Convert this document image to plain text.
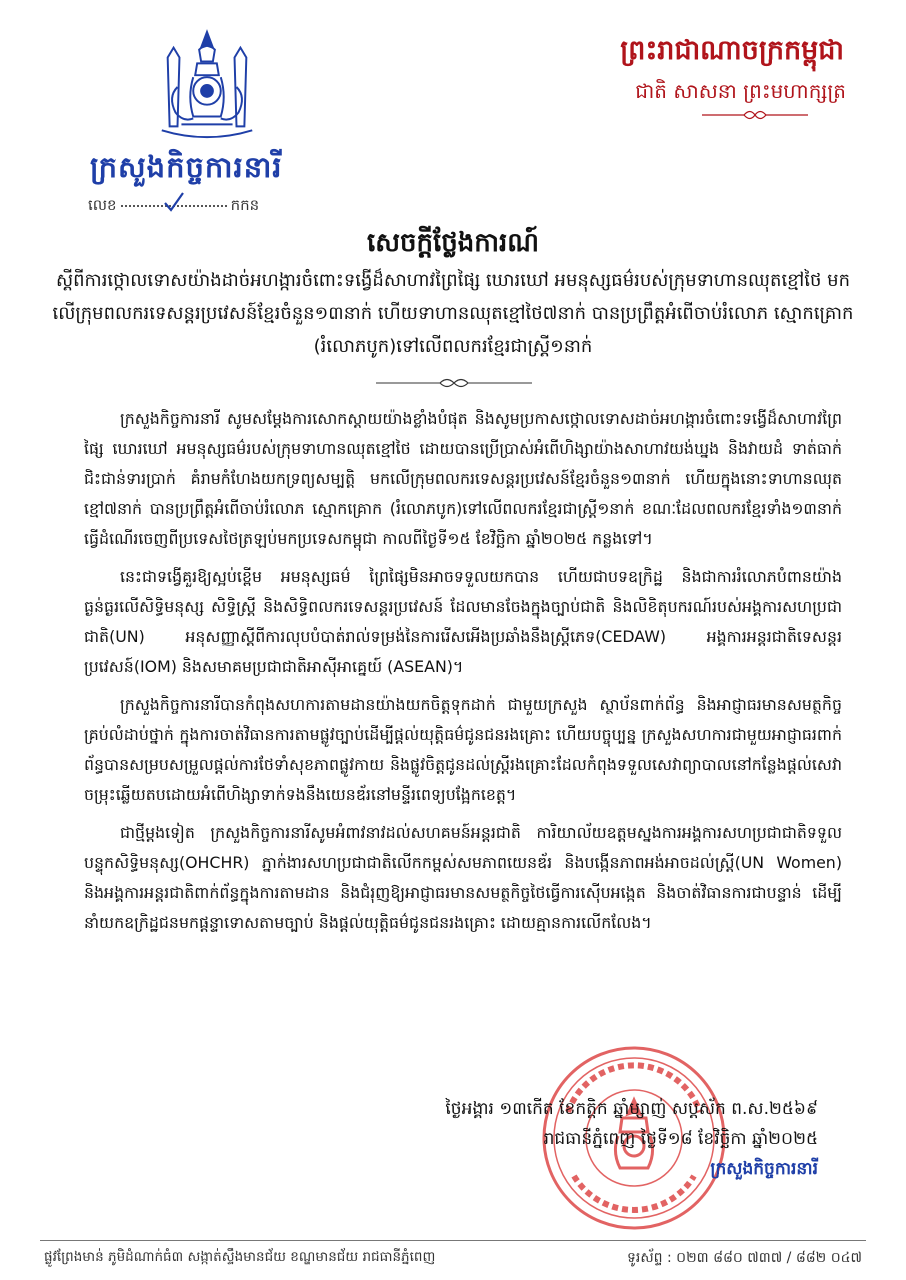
ក្រសួងកិច្ចការនារី
លេខ	កកន
ព្រះរាជាណាចក្រកម្ពុជា
ជាតិ សាសនា ព្រះមហាក្សត្រ
សេចក្ដីថ្លែងការណ៍
ស្ដីពីការថ្កោលទោសយ៉ាងដាច់អហង្ការចំពោះទង្វើដ៏សាហាវព្រៃផ្សៃ ឃោរឃៅ អមនុស្សធម៌របស់ក្រុមទាហានឈុតខ្មៅថៃ មកលើក្រុមពលករទេសន្តរប្រវេសន៍ខ្មែរចំនួន១៣នាក់ ហើយទាហានឈុតខ្មៅថៃ៧នាក់ បានប្រព្រឹត្តអំពើចាប់រំលោភ ស្មោកគ្រោក (រំលោភបូក)ទៅលើពលករខ្មែរជាស្ត្រី១នាក់

ក្រសួងកិច្ចការនារី សូមសម្ដែងការសោកស្ដាយយ៉ាងខ្លាំងបំផុត និងសូមប្រកាសថ្កោលទោសដាច់អហង្ការចំពោះទង្វើដ៏សាហាវព្រៃផ្សៃ ឃោរឃៅ អមនុស្សធម៌របស់ក្រុមទាហានឈុតខ្មៅថៃ ដោយបានប្រើប្រាស់អំពើហិង្សាយ៉ាងសាហាវយង់ឃ្នង និងវាយដំ ទាត់ធាក់ ជិះជាន់ទារប្រាក់ គំរាមកំហែងយកទ្រព្យសម្បត្តិ មកលើក្រុមពលករទេសន្តរប្រវេសន៍ខ្មែរចំនួន១៣នាក់ ហើយក្នុងនោះទាហានឈុតខ្មៅ៧នាក់ បានប្រព្រឹត្តអំពើចាប់រំលោភ ស្មោកគ្រោក (រំលោភបូក)ទៅលើពលករខ្មែរជាស្ត្រី១នាក់ ខណៈដែលពលករខ្មែរទាំង១៣នាក់ ធ្វើដំណើរចេញពីប្រទេសថៃត្រឡប់មកប្រទេសកម្ពុជា កាលពីថ្ងៃទី១៥ ខែវិច្ឆិកា ឆ្នាំ២០២៥ កន្លងទៅ។

នេះជាទង្វើគួរឱ្យស្អប់ខ្ពើម អមនុស្សធម៌ ព្រៃផ្សៃមិនអាចទទួលយកបាន ហើយជាបទឧក្រិដ្ឋ និងជាការរំលោភបំពានយ៉ាងធ្ងន់ធ្ងរលើសិទ្ធិមនុស្ស សិទ្ធិស្ត្រី និងសិទ្ធិពលករទេសន្តរប្រវេសន៍ ដែលមានចែងក្នុងច្បាប់ជាតិ និងលិខិតុបករណ៍របស់អង្គការសហប្រជាជាតិ(UN) អនុសញ្ញាស្ដីពីការលុបបំបាត់រាល់ទម្រង់នៃការរើសអើងប្រឆាំងនឹងស្ត្រីភេទ(CEDAW) អង្គការអន្តរជាតិទេសន្តរប្រវេសន៍(IOM) និងសមាគមប្រជាជាតិអាស៊ីអាគ្នេយ៍ (ASEAN)។

ក្រសួងកិច្ចការនារីបានកំពុងសហការតាមដានយ៉ាងយកចិត្តទុកដាក់ ជាមួយក្រសួង ស្ថាប័នពាក់ព័ន្ធ និងអាជ្ញាធរមានសមត្ថកិច្ចគ្រប់លំដាប់ថ្នាក់ ក្នុងការចាត់វិធានការតាមផ្លូវច្បាប់ដើម្បីផ្ដល់យុត្តិធម៌ជូនជនរងគ្រោះ ហើយបច្ចុប្បន្ន ក្រសួងសហការជាមួយអាជ្ញាធរពាក់ព័ន្ធបានសម្របសម្រួលផ្ដល់ការថែទាំសុខភាពផ្លូវកាយ និងផ្លូវចិត្តជូនដល់ស្ត្រីរងគ្រោះដែលកំពុងទទួលសេវាព្យាបាលនៅកន្លែងផ្ដល់សេវាចម្រុះឆ្លើយតបដោយអំពើហិង្សាទាក់ទងនឹងយេនឌ័រនៅមន្ទីរពេទ្យបង្អែកខេត្ត។

ជាថ្មីម្ដងទៀត ក្រសួងកិច្ចការនារីសូមអំពាវនាវដល់សហគមន៍អន្តរជាតិ ការិយាល័យឧត្តមស្នងការអង្គការសហប្រជាជាតិទទួលបន្ទុកសិទ្ធិមនុស្ស(OHCHR) ភ្នាក់ងារសហប្រជាជាតិលើកកម្ពស់សមភាពយេនឌ័រ និងបង្កើនភាពអង់អាចដល់ស្ត្រី(UN Women) និងអង្គការអន្តរជាតិពាក់ព័ន្ធក្នុងការតាមដាន និងជំរុញឱ្យអាជ្ញាធរមានសមត្ថកិច្ចថៃធ្វើការស៊ើបអង្កេត និងចាត់វិធានការជាបន្ទាន់ ដើម្បីនាំយកឧក្រិដ្ឋជនមកផ្ដន្ទាទោសតាមច្បាប់ និងផ្ដល់យុត្តិធម៌ជូនជនរងគ្រោះ ដោយគ្មានការលើកលែង។

ថ្ងៃអង្គារ ១៣កើត ខែកត្តិក ឆ្នាំម្សាញ់ សប្តស័ក ព.ស.២៥៦៩
រាជធានីភ្នំពេញ ថ្ងៃទី១៨ ខែវិច្ឆិកា ឆ្នាំ២០២៥
ក្រសួងកិច្ចការនារី
ផ្លូវព្រែងមាន់ ភូមិដំណាក់ធំ៣ សង្កាត់ស្ទឹងមានជ័យ ខណ្ឌមានជ័យ រាជធានីភ្នំពេញ	ទូរស័ព្ទ : ០២៣ ៨៨០ ៧៣៧ / ៨៨២ ០៤៧
